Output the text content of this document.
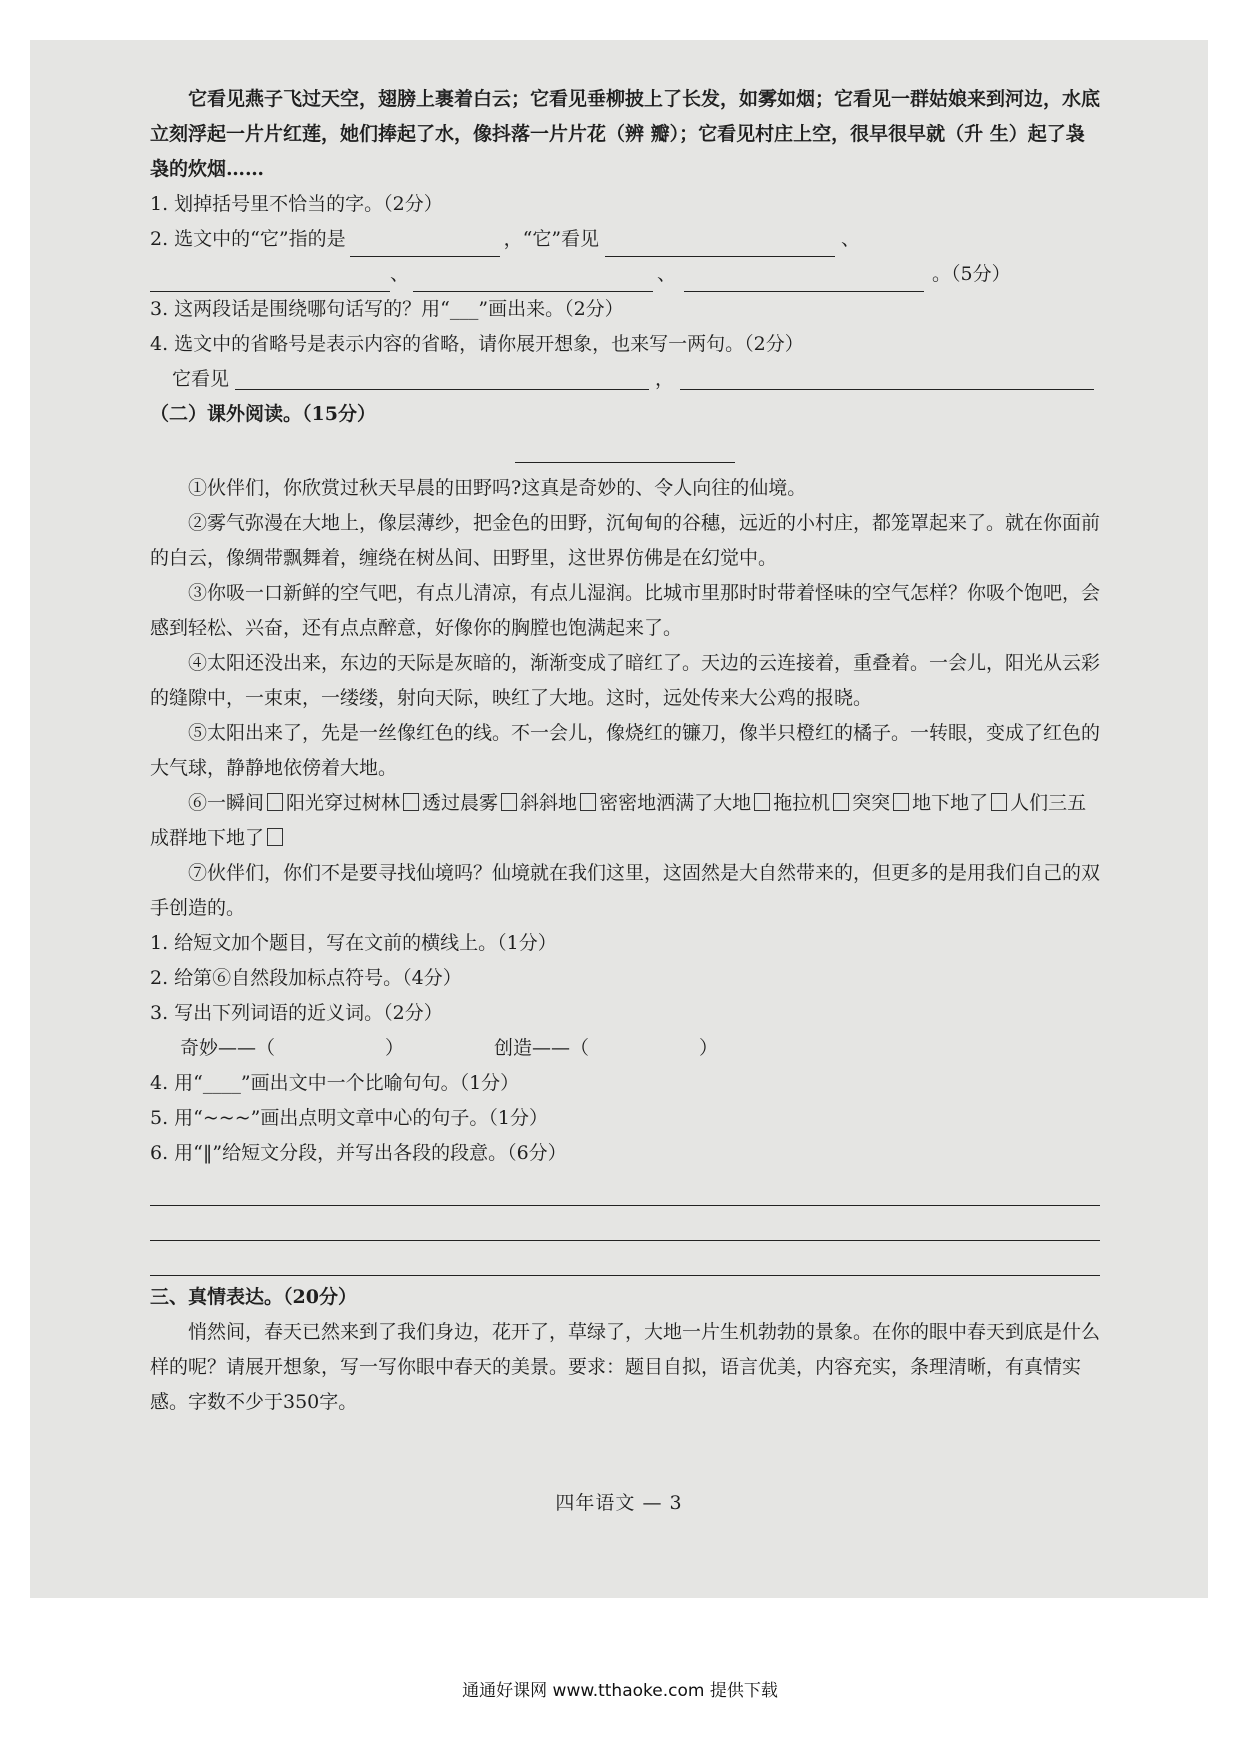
它看见燕子飞过天空，翅膀上裹着白云；它看见垂柳披上了长发，如雾如烟；它看见一群姑娘来到河边，水底立刻浮起一片片红莲，她们捧起了水，像抖落一片片花（辨 瓣）；它看见村庄上空，很早很早就（升 生）起了袅袅的炊烟……

1. 划掉括号里不恰当的字。（2分）

2. 选文中的“它”指的是	，“它”看见	、
、	、	。（5分）

3. 这两段话是围绕哪句话写的？用“___”画出来。（2分）

4. 选文中的省略号是表示内容的省略，请你展开想象，也来写一两句。（2分）

它看见	，

（二）课外阅读。（15分）

①伙伴们，你欣赏过秋天早晨的田野吗?这真是奇妙的、令人向往的仙境。

②雾气弥漫在大地上，像层薄纱，把金色的田野，沉甸甸的谷穗，远近的小村庄，都笼罩起来了。就在你面前的白云，像绸带飘舞着，缠绕在树丛间、田野里，这世界仿佛是在幻觉中。

③你吸一口新鲜的空气吧，有点儿清凉，有点儿湿润。比城市里那时时带着怪味的空气怎样？你吸个饱吧，会感到轻松、兴奋，还有点点醉意，好像你的胸膛也饱满起来了。

④太阳还没出来，东边的天际是灰暗的，渐渐变成了暗红了。天边的云连接着，重叠着。一会儿，阳光从云彩的缝隙中，一束束，一缕缕，射向天际，映红了大地。这时，远处传来大公鸡的报晓。

⑤太阳出来了，先是一丝像红色的线。不一会儿，像烧红的镰刀，像半只橙红的橘子。一转眼，变成了红色的大气球，静静地依傍着大地。

⑥一瞬间 阳光穿过树林 透过晨雾 斜斜地 密密地洒满了大地 拖拉机 突突 地下地了 人们三五成群地下地了

⑦伙伴们，你们不是要寻找仙境吗？仙境就在我们这里，这固然是大自然带来的，但更多的是用我们自己的双手创造的。

1. 给短文加个题目，写在文前的横线上。（1分）

2. 给第⑥自然段加标点符号。（4分）

3. 写出下列词语的近义词。（2分）

奇妙——（	）	创造——（	）

4. 用“____”画出文中一个比喻句句。（1分）

5. 用“~~~”画出点明文章中心的句子。（1分）

6. 用“‖”给短文分段，并写出各段的段意。（6分）

三、真情表达。（20分）

悄然间，春天已然来到了我们身边，花开了，草绿了，大地一片生机勃勃的景象。在你的眼中春天到底是什么样的呢？请展开想象，写一写你眼中春天的美景。要求：题目自拟，语言优美，内容充实，条理清晰，有真情实感。字数不少于350字。

四年语文 — 3
通通好课网 www.tthaoke.com 提供下载
